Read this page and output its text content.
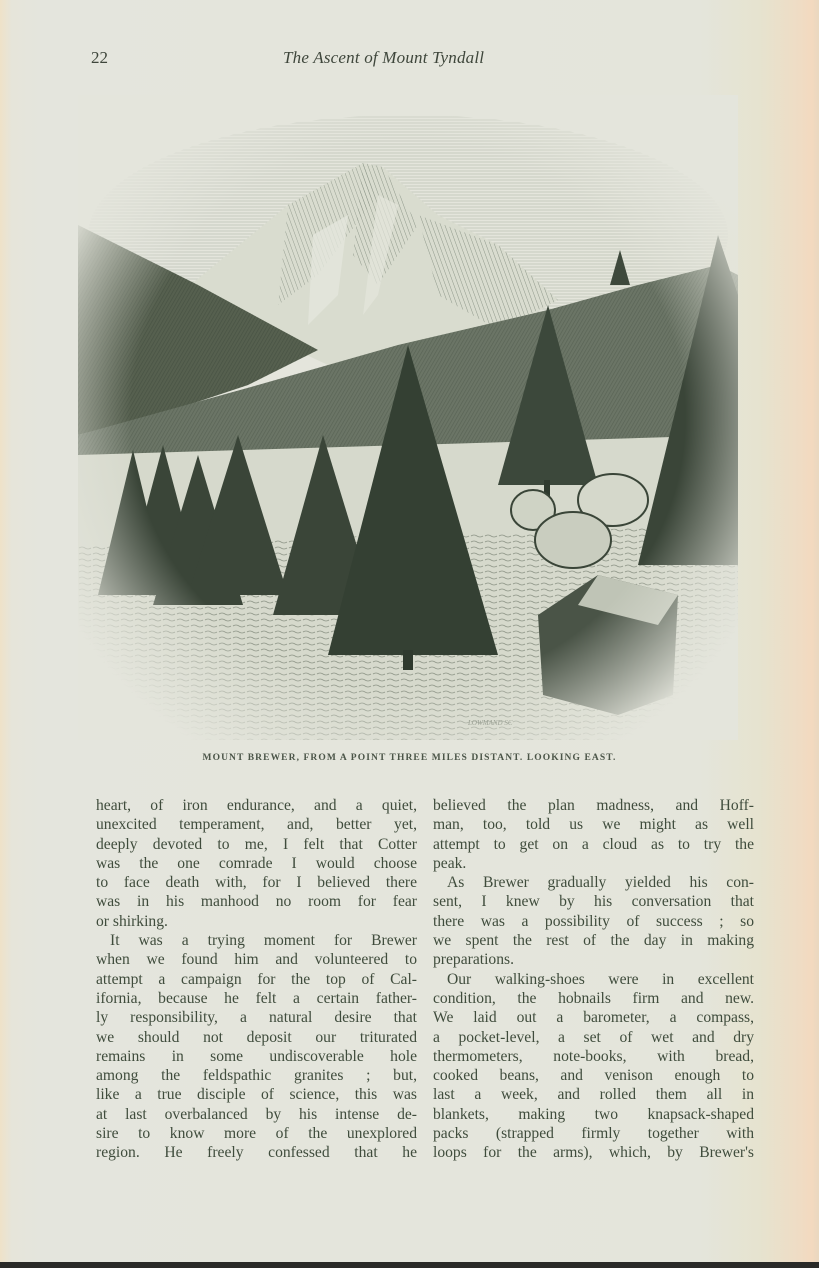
22	The Ascent of Mount Tyndall
MOUNT BREWER, FROM A POINT THREE MILES DISTANT. LOOKING EAST.
heart, of iron endurance, and a quiet,
unexcited temperament, and, better yet,
deeply devoted to me, I felt that Cotter
was the one comrade I would choose
to face death with, for I believed there
was in his manhood no room for fear
or shirking.
It was a trying moment for Brewer
when we found him and volunteered to
attempt a campaign for the top of Cal-
ifornia, because he felt a certain father-
ly responsibility, a natural desire that
we should not deposit our triturated
remains in some undiscoverable hole
among the feldspathic granites ; but,
like a true disciple of science, this was
at last overbalanced by his intense de-
sire to know more of the unexplored
region. He freely confessed that he
believed the plan madness, and Hoff-
man, too, told us we might as well
attempt to get on a cloud as to try the
peak.
As Brewer gradually yielded his con-
sent, I knew by his conversation that
there was a possibility of success ; so
we spent the rest of the day in making
preparations.
Our walking-shoes were in excellent
condition, the hobnails firm and new.
We laid out a barometer, a compass,
a pocket-level, a set of wet and dry
thermometers, note-books, with bread,
cooked beans, and venison enough to
last a week, and rolled them all in
blankets, making two knapsack-shaped
packs (strapped firmly together with
loops for the arms), which, by Brewer's
